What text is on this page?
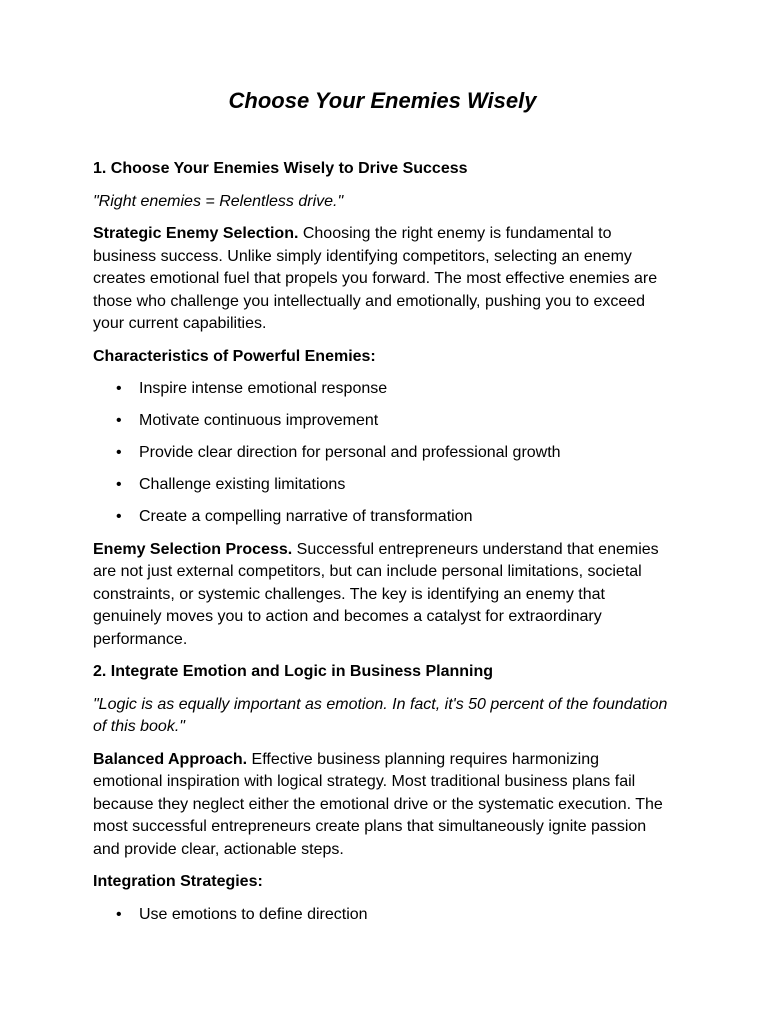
Choose Your Enemies Wisely

1. Choose Your Enemies Wisely to Drive Success

"Right enemies = Relentless drive."

Strategic Enemy Selection. Choosing the right enemy is fundamental to business success. Unlike simply identifying competitors, selecting an enemy creates emotional fuel that propels you forward. The most effective enemies are those who challenge you intellectually and emotionally, pushing you to exceed your current capabilities.

Characteristics of Powerful Enemies:

• Inspire intense emotional response
• Motivate continuous improvement
• Provide clear direction for personal and professional growth
• Challenge existing limitations
• Create a compelling narrative of transformation

Enemy Selection Process. Successful entrepreneurs understand that enemies are not just external competitors, but can include personal limitations, societal constraints, or systemic challenges. The key is identifying an enemy that genuinely moves you to action and becomes a catalyst for extraordinary performance.

2. Integrate Emotion and Logic in Business Planning

"Logic is as equally important as emotion. In fact, it's 50 percent of the foundation of this book."

Balanced Approach. Effective business planning requires harmonizing emotional inspiration with logical strategy. Most traditional business plans fail because they neglect either the emotional drive or the systematic execution. The most successful entrepreneurs create plans that simultaneously ignite passion and provide clear, actionable steps.

Integration Strategies:

• Use emotions to define direction
